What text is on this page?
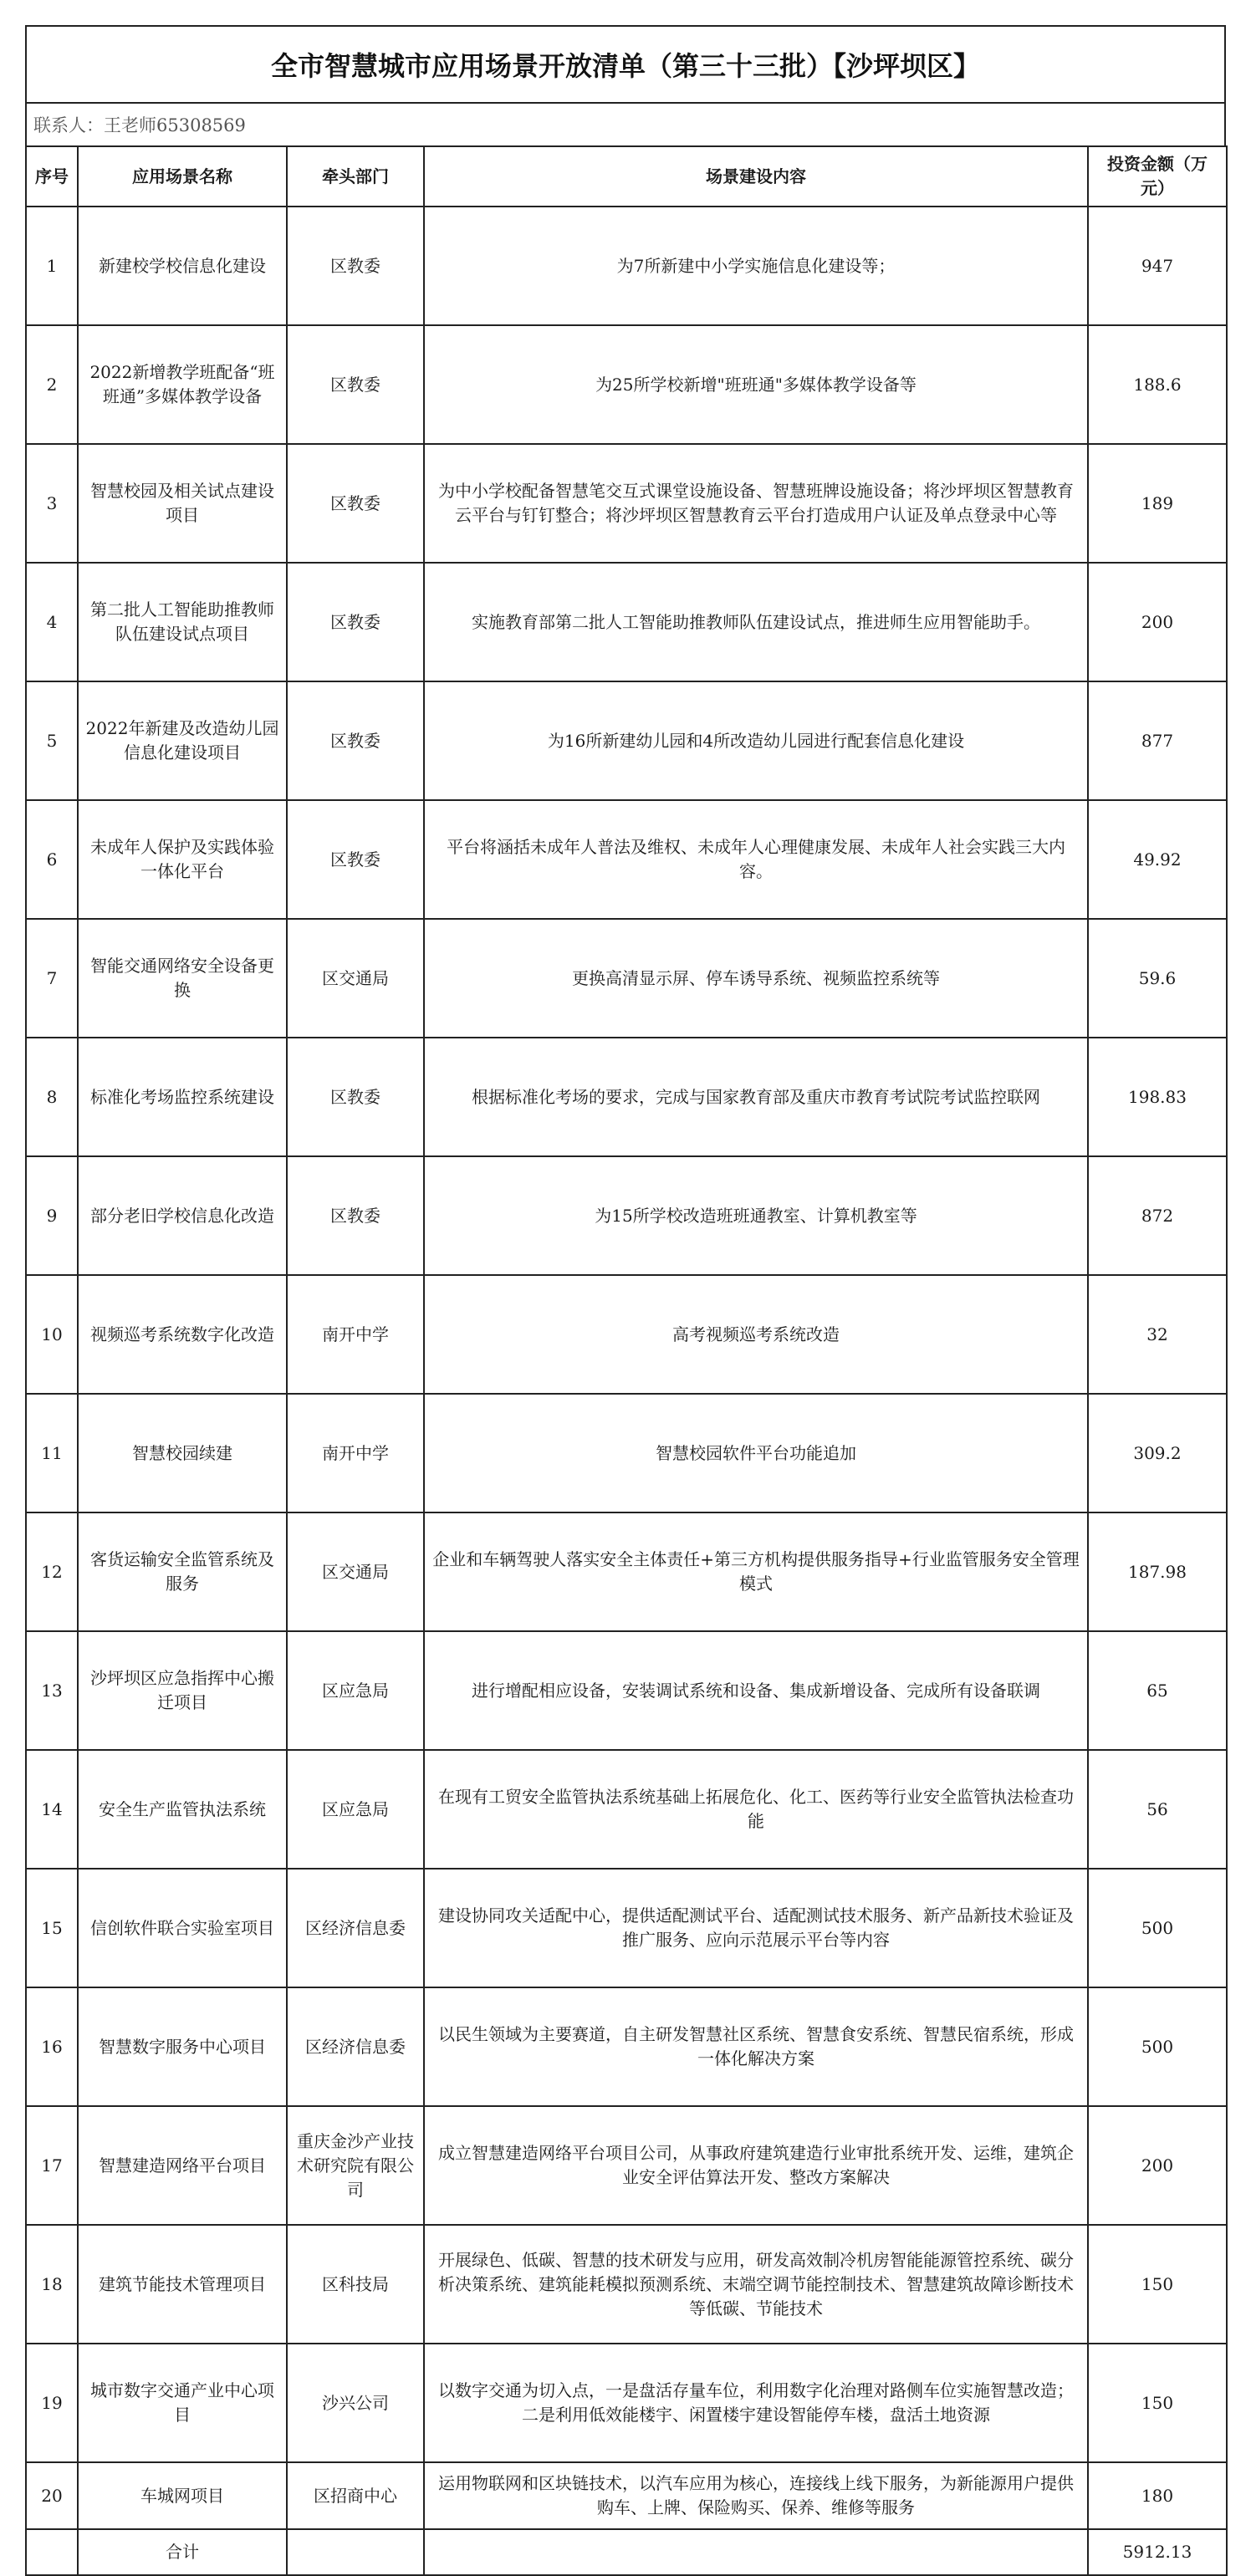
全市智慧城市应用场景开放清单（第三十三批）【沙坪坝区】
联系人：王老师65308569
序号	应用场景名称	牵头部门	场景建设内容	投资金额（万元）
1	新建校学校信息化建设	区教委	为7所新建中小学实施信息化建设等；	947
2	2022新增教学班配备“班班通”多媒体教学设备	区教委	为25所学校新增"班班通"多媒体教学设备等	188.6
3	智慧校园及相关试点建设项目	区教委	为中小学校配备智慧笔交互式课堂设施设备、智慧班牌设施设备；将沙坪坝区智慧教育云平台与钉钉整合；将沙坪坝区智慧教育云平台打造成用户认证及单点登录中心等	189
4	第二批人工智能助推教师队伍建设试点项目	区教委	实施教育部第二批人工智能助推教师队伍建设试点，推进师生应用智能助手。	200
5	2022年新建及改造幼儿园信息化建设项目	区教委	为16所新建幼儿园和4所改造幼儿园进行配套信息化建设	877
6	未成年人保护及实践体验一体化平台	区教委	平台将涵括未成年人普法及维权、未成年人心理健康发展、未成年人社会实践三大内容。	49.92
7	智能交通网络安全设备更换	区交通局	更换高清显示屏、停车诱导系统、视频监控系统等	59.6
8	标准化考场监控系统建设	区教委	根据标准化考场的要求，完成与国家教育部及重庆市教育考试院考试监控联网	198.83
9	部分老旧学校信息化改造	区教委	为15所学校改造班班通教室、计算机教室等	872
10	视频巡考系统数字化改造	南开中学	高考视频巡考系统改造	32
11	智慧校园续建	南开中学	智慧校园软件平台功能追加	309.2
12	客货运输安全监管系统及服务	区交通局	企业和车辆驾驶人落实安全主体责任+第三方机构提供服务指导+行业监管服务安全管理模式	187.98
13	沙坪坝区应急指挥中心搬迁项目	区应急局	进行增配相应设备，安装调试系统和设备、集成新增设备、完成所有设备联调	65
14	安全生产监管执法系统	区应急局	在现有工贸安全监管执法系统基础上拓展危化、化工、医药等行业安全监管执法检查功能	56
15	信创软件联合实验室项目	区经济信息委	建设协同攻关适配中心，提供适配测试平台、适配测试技术服务、新产品新技术验证及推广服务、应向示范展示平台等内容	500
16	智慧数字服务中心项目	区经济信息委	以民生领域为主要赛道，自主研发智慧社区系统、智慧食安系统、智慧民宿系统，形成一体化解决方案	500
17	智慧建造网络平台项目	重庆金沙产业技术研究院有限公司	成立智慧建造网络平台项目公司，从事政府建筑建造行业审批系统开发、运维，建筑企业安全评估算法开发、整改方案解决	200
18	建筑节能技术管理项目	区科技局	开展绿色、低碳、智慧的技术研发与应用，研发高效制冷机房智能能源管控系统、碳分析决策系统、建筑能耗模拟预测系统、末端空调节能控制技术、智慧建筑故障诊断技术等低碳、节能技术	150
19	城市数字交通产业中心项目	沙兴公司	以数字交通为切入点，一是盘活存量车位，利用数字化治理对路侧车位实施智慧改造；二是利用低效能楼宇、闲置楼宇建设智能停车楼，盘活土地资源	150
20	车城网项目	区招商中心	运用物联网和区块链技术，以汽车应用为核心，连接线上线下服务，为新能源用户提供购车、上牌、保险购买、保养、维修等服务	180
	合计			5912.13
